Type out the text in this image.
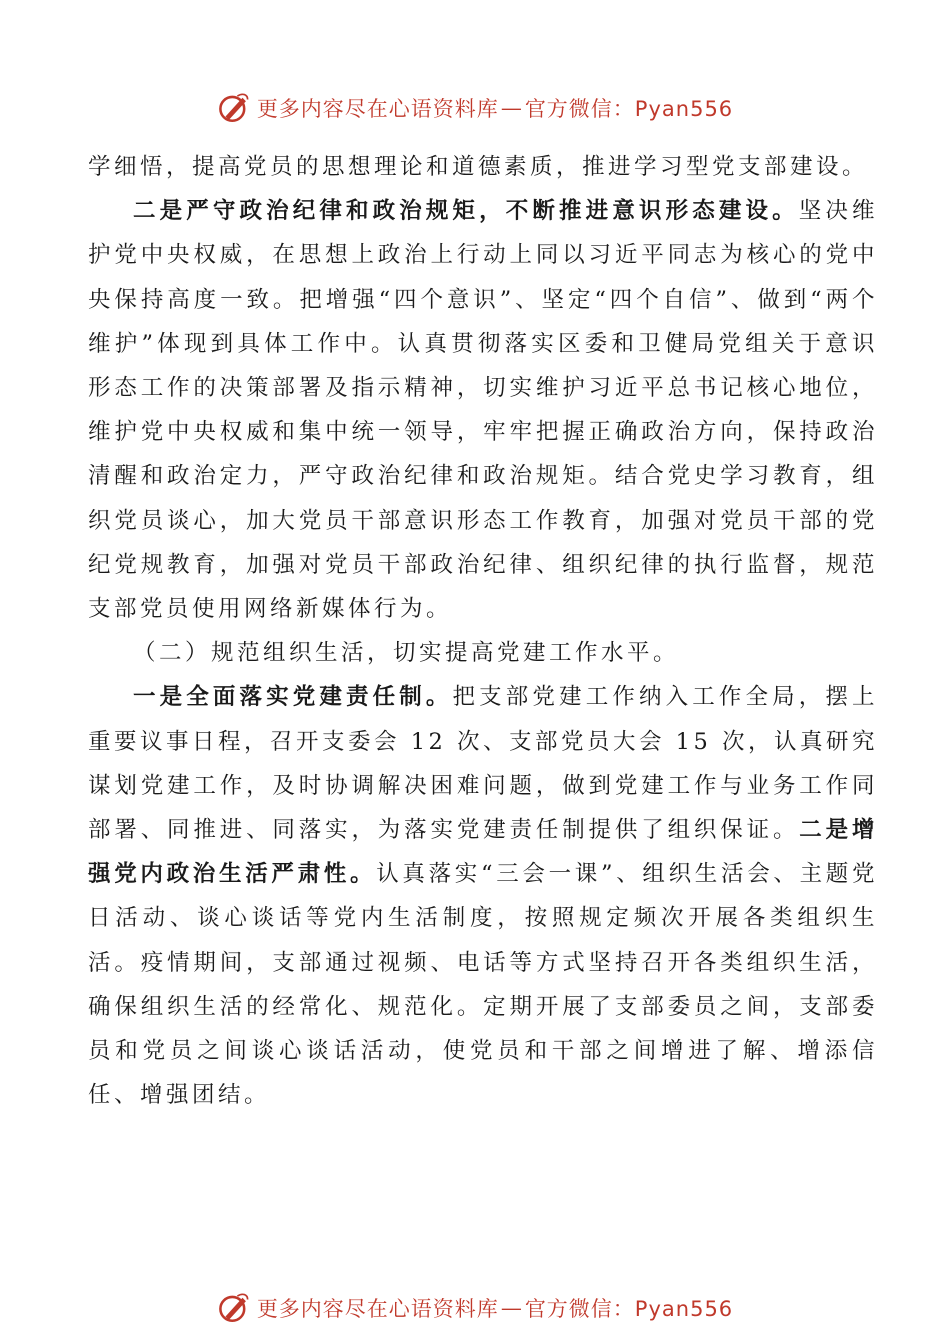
更多内容尽在心语资料库 — 官方微信：Pyan556

学细悟，提高党员的思想理论和道德素质，推进学习型党支部建设。

二是严守政治纪律和政治规矩，不断推进意识形态建设。坚决维护党中央权威，在思想上政治上行动上同以习近平同志为核心的党中央保持高度一致。把增强“四个意识”、坚定“四个自信”、做到“两个维护”体现到具体工作中。认真贯彻落实区委和卫健局党组关于意识形态工作的决策部署及指示精神，切实维护习近平总书记核心地位，维护党中央权威和集中统一领导，牢牢把握正确政治方向，保持政治清醒和政治定力，严守政治纪律和政治规矩。结合党史学习教育，组织党员谈心，加大党员干部意识形态工作教育，加强对党员干部的党纪党规教育，加强对党员干部政治纪律、组织纪律的执行监督，规范支部党员使用网络新媒体行为。

（二）规范组织生活，切实提高党建工作水平。

一是全面落实党建责任制。把支部党建工作纳入工作全局，摆上重要议事日程，召开支委会 12 次、支部党员大会 15 次，认真研究谋划党建工作，及时协调解决困难问题，做到党建工作与业务工作同部署、同推进、同落实，为落实党建责任制提供了组织保证。二是增强党内政治生活严肃性。认真落实“三会一课”、组织生活会、主题党日活动、谈心谈话等党内生活制度，按照规定频次开展各类组织生活。疫情期间，支部通过视频、电话等方式坚持召开各类组织生活，确保组织生活的经常化、规范化。定期开展了支部委员之间，支部委员和党员之间谈心谈话活动，使党员和干部之间增进了解、增添信任、增强团结。

更多内容尽在心语资料库 — 官方微信：Pyan556
